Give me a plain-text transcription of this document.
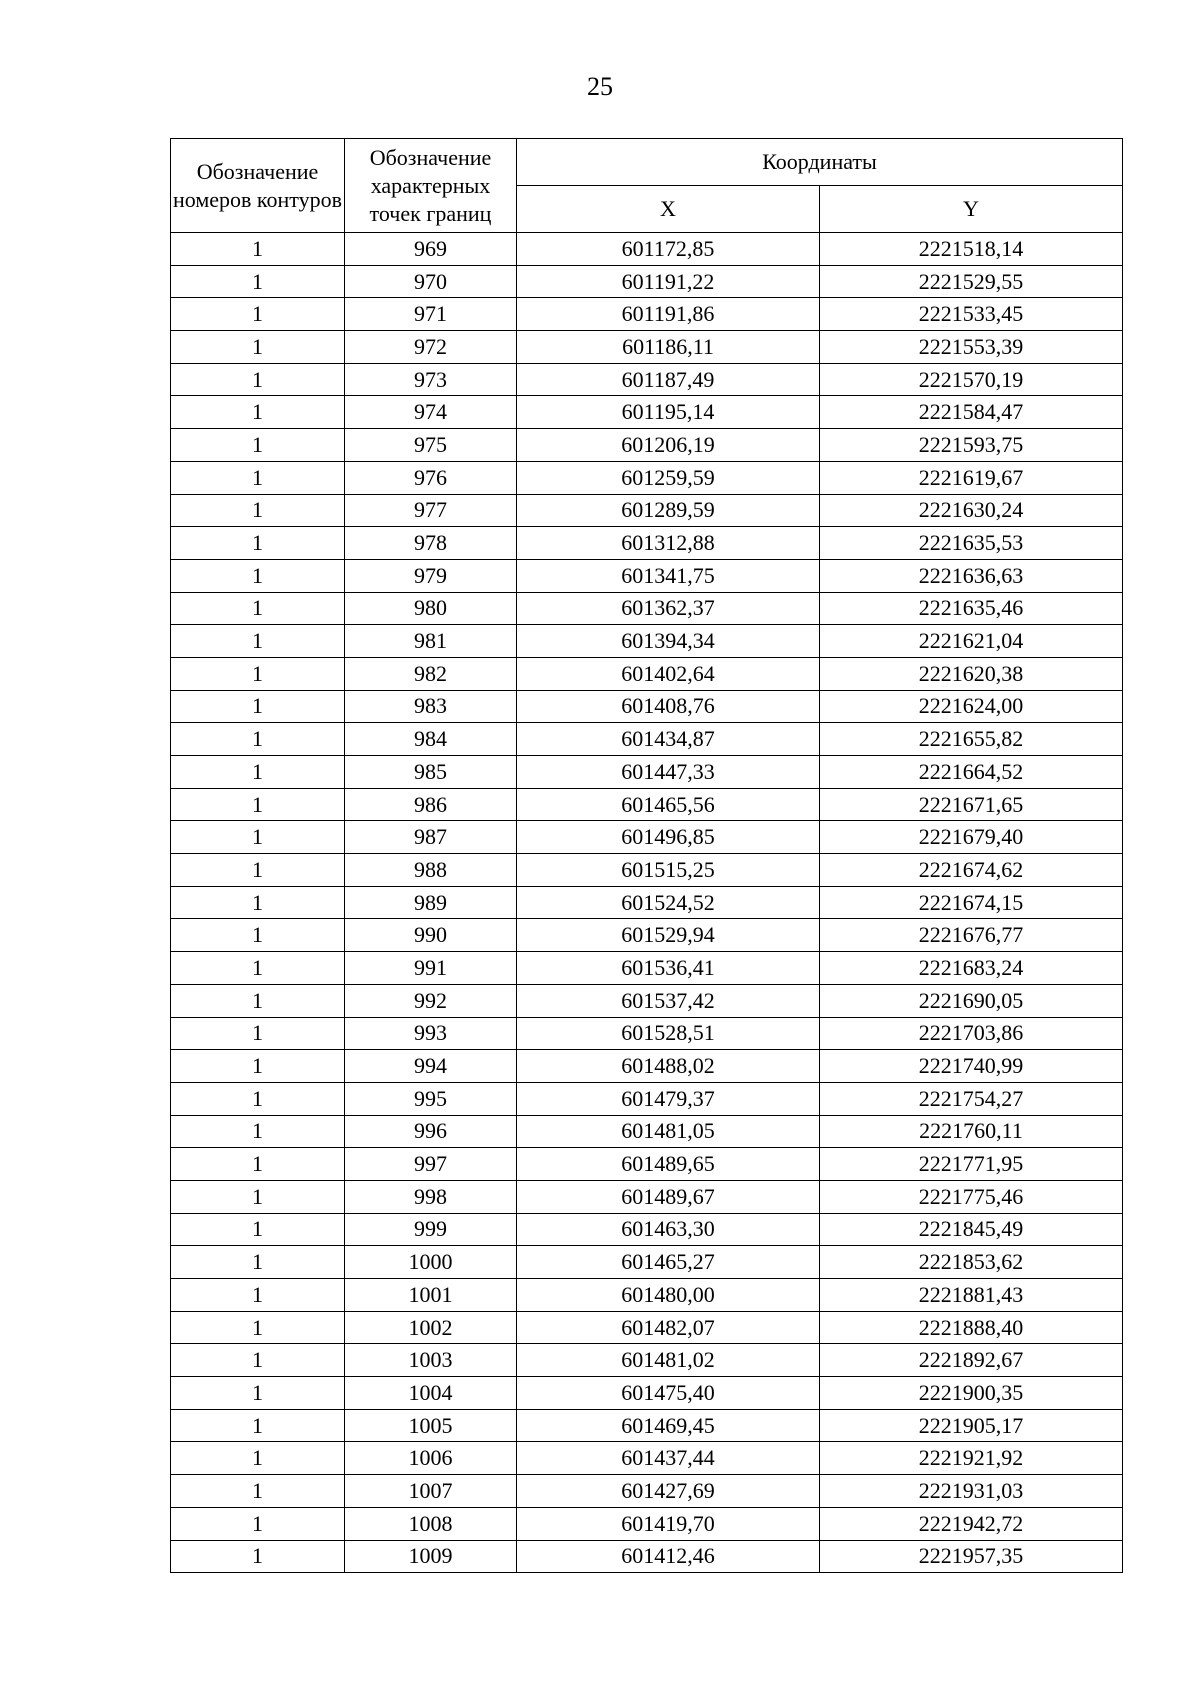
25
Обозначение номеров контуров	Обозначение характерных точек границ	Координаты	
		X	Y
1	969	601172,85	2221518,14
1	970	601191,22	2221529,55
1	971	601191,86	2221533,45
1	972	601186,11	2221553,39
1	973	601187,49	2221570,19
1	974	601195,14	2221584,47
1	975	601206,19	2221593,75
1	976	601259,59	2221619,67
1	977	601289,59	2221630,24
1	978	601312,88	2221635,53
1	979	601341,75	2221636,63
1	980	601362,37	2221635,46
1	981	601394,34	2221621,04
1	982	601402,64	2221620,38
1	983	601408,76	2221624,00
1	984	601434,87	2221655,82
1	985	601447,33	2221664,52
1	986	601465,56	2221671,65
1	987	601496,85	2221679,40
1	988	601515,25	2221674,62
1	989	601524,52	2221674,15
1	990	601529,94	2221676,77
1	991	601536,41	2221683,24
1	992	601537,42	2221690,05
1	993	601528,51	2221703,86
1	994	601488,02	2221740,99
1	995	601479,37	2221754,27
1	996	601481,05	2221760,11
1	997	601489,65	2221771,95
1	998	601489,67	2221775,46
1	999	601463,30	2221845,49
1	1000	601465,27	2221853,62
1	1001	601480,00	2221881,43
1	1002	601482,07	2221888,40
1	1003	601481,02	2221892,67
1	1004	601475,40	2221900,35
1	1005	601469,45	2221905,17
1	1006	601437,44	2221921,92
1	1007	601427,69	2221931,03
1	1008	601419,70	2221942,72
1	1009	601412,46	2221957,35
